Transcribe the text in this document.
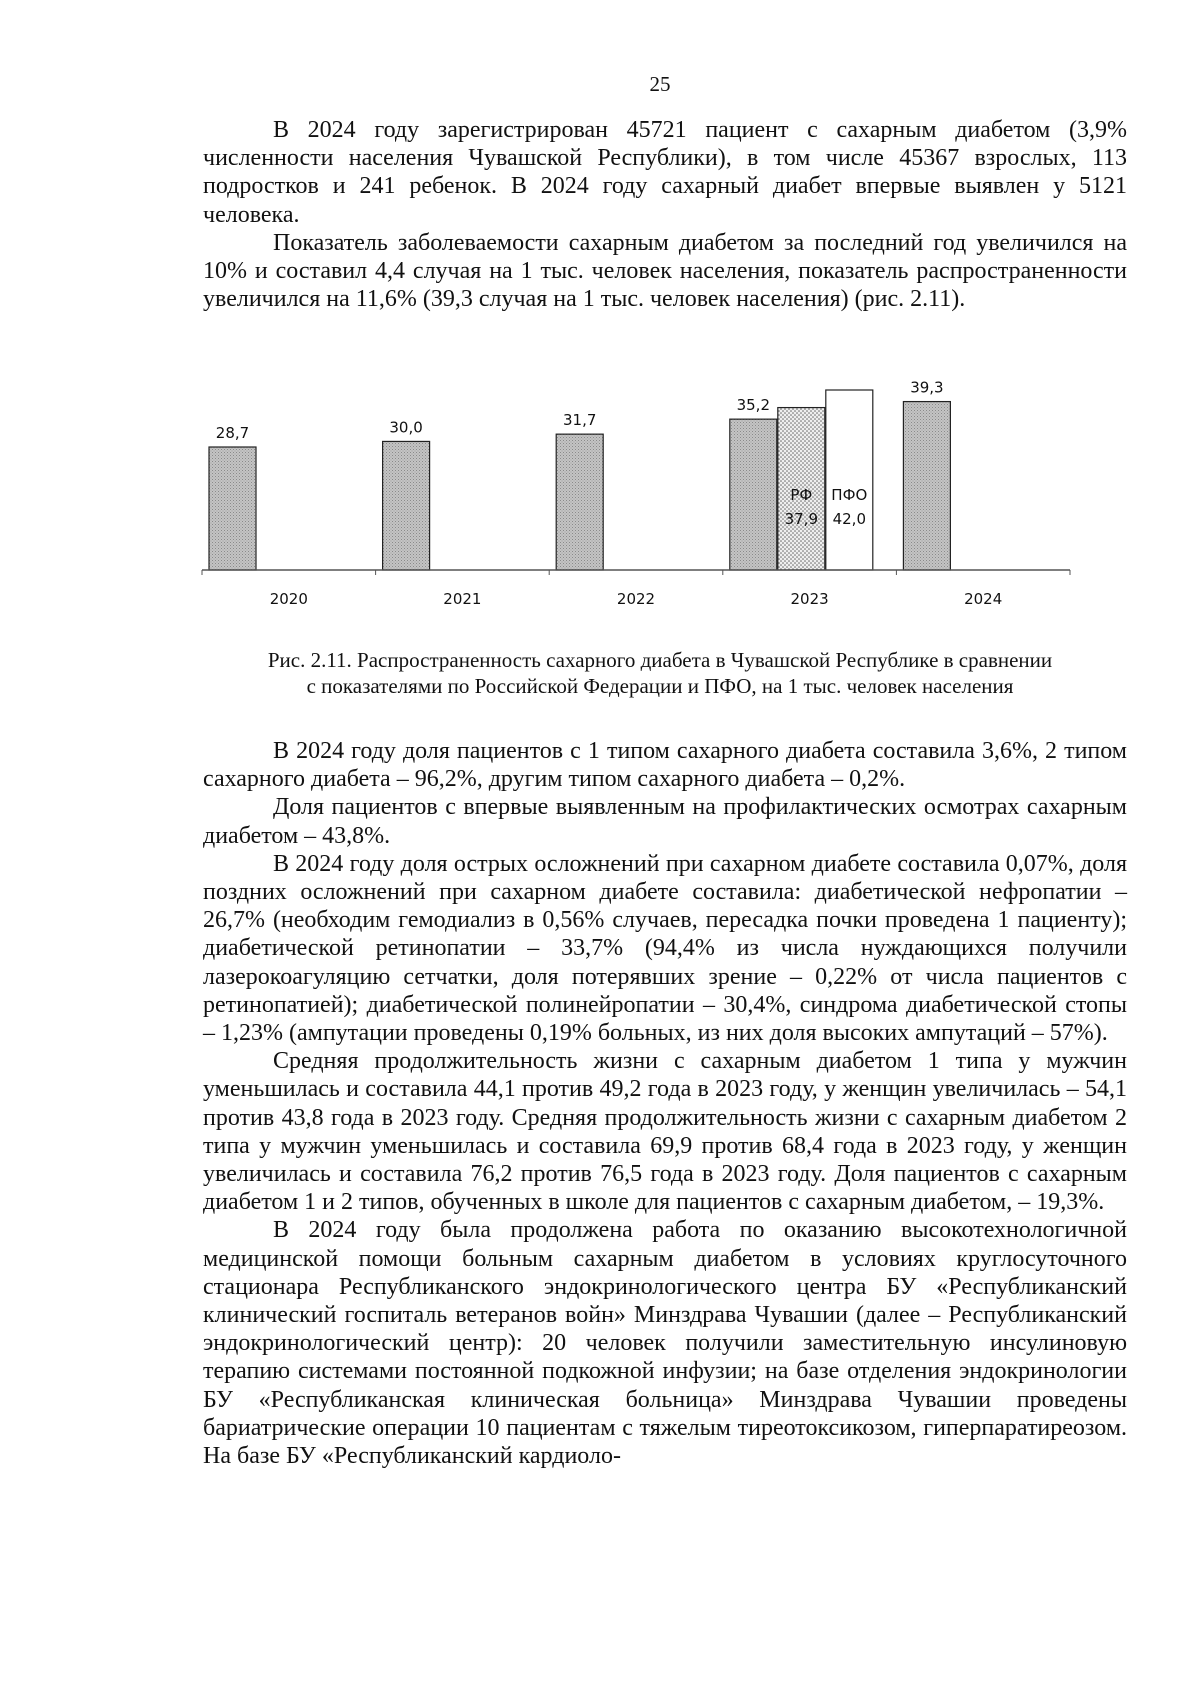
25

В 2024 году зарегистрирован 45721 пациент с сахарным диабетом (3,9% численности населения Чувашской Республики), в том числе 45367 взрослых, 113 подростков и 241 ребенок. В 2024 году сахарный диабет впервые выявлен у 5121 человека.

Показатель заболеваемости сахарным диабетом за последний год увеличился на 10% и составил 4,4 случая на 1 тыс. человек населения, показатель распространенности увеличился на 11,6% (39,3 случая на 1 тыс. человек населения) (рис. 2.11).

2020	2021	2022	2023	2024
28,7	30,0	31,7
35,2
39,3
РФ
37,9
ПФО
42,0
Рис. 2.11. Распространенность сахарного диабета в Чувашской Республике в сравнении
с показателями по Российской Федерации и ПФО, на 1 тыс. человек населения

В 2024 году доля пациентов с 1 типом сахарного диабета составила 3,6%, 2 типом сахарного диабета – 96,2%, другим типом сахарного диабета – 0,2%.

Доля пациентов с впервые выявленным на профилактических осмотрах сахарным диабетом – 43,8%.

В 2024 году доля острых осложнений при сахарном диабете составила 0,07%, доля поздних осложнений при сахарном диабете составила: диабетической нефропатии – 26,7% (необходим гемодиализ в 0,56% случаев, пересадка почки проведена 1 пациенту); диабетической ретинопатии – 33,7% (94,4% из числа нуждающихся получили лазерокоагуляцию сетчатки, доля потерявших зрение – 0,22% от числа пациентов с ретинопатией); диабетической полинейропатии – 30,4%, синдрома диабетической стопы – 1,23% (ампутации проведены 0,19% больных, из них доля высоких ампутаций – 57%).

Средняя продолжительность жизни с сахарным диабетом 1 типа у мужчин уменьшилась и составила 44,1 против 49,2 года в 2023 году, у женщин увеличилась – 54,1 против 43,8 года в 2023 году. Средняя продолжительность жизни с сахарным диабетом 2 типа у мужчин уменьшилась и составила 69,9 против 68,4 года в 2023 году, у женщин увеличилась и составила 76,2 против 76,5 года в 2023 году. Доля пациентов с сахарным диабетом 1 и 2 типов, обученных в школе для пациентов с сахарным диабетом, – 19,3%.

В 2024 году была продолжена работа по оказанию высокотехнологичной медицинской помощи больным сахарным диабетом в условиях круглосуточного стационара Республиканского эндокринологического центра БУ «Республиканский клинический госпиталь ветеранов войн» Минздрава Чувашии (далее – Республиканский эндокринологический центр): 20 человек получили заместительную инсулиновую терапию системами постоянной подкожной инфузии; на базе отделения эндокринологии БУ «Республиканская клиническая больница» Минздрава Чувашии проведены бариатрические операции 10 пациентам с тяжелым тиреотоксикозом, гиперпаратиреозом. На базе БУ «Республиканский кардиоло-
